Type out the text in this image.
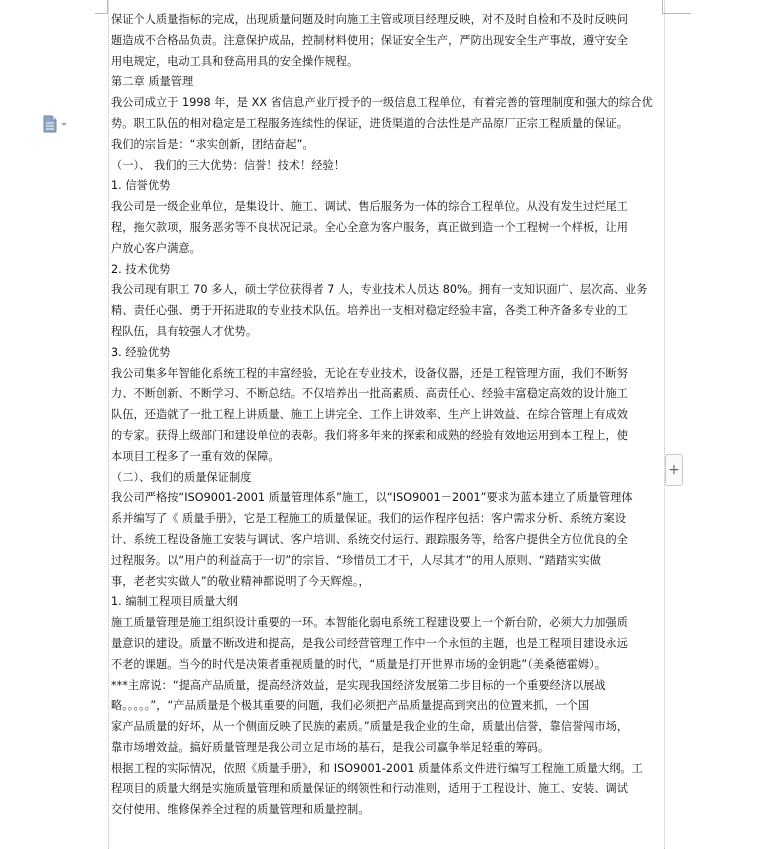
+
保证个人质量指标的完成，出现质量问题及时向施工主管或项目经理反映，对不及时自检和不及时反映问
题造成不合格品负责。注意保护成品，控制材料使用；保证安全生产，严防出现安全生产事故，遵守安全
用电规定，电动工具和登高用具的安全操作规程。
第二章 质量管理
我公司成立于 1998 年，是 XX 省信息产业厅授予的一级信息工程单位，有着完善的管理制度和强大的综合优
势。职工队伍的相对稳定是工程服务连续性的保证，进货渠道的合法性是产品原厂正宗工程质量的保证。
我们的宗旨是：“求实创新，团结奋起”。
（一）、 我们的三大优势：信誉！技术！经验！
1. 信誉优势
我公司是一级企业单位，是集设计、施工、调试、售后服务为一体的综合工程单位。从没有发生过烂尾工
程，拖欠款项，服务恶劣等不良状况记录。全心全意为客户服务，真正做到造一个工程树一个样板，让用
户放心客户满意。
2. 技术优势
我公司现有职工 70 多人，硕士学位获得者 7 人，专业技术人员达 80%。拥有一支知识面广、层次高、业务
精、责任心强、勇于开拓进取的专业技术队伍。培养出一支相对稳定经验丰富，各类工种齐备多专业的工
程队伍，具有较强人才优势。
3. 经验优势
我公司集多年智能化系统工程的丰富经验，无论在专业技术，设备仪器，还是工程管理方面，我们不断努
力、不断创新、不断学习、不断总结。不仅培养出一批高素质、高责任心、经验丰富稳定高效的设计施工
队伍，还造就了一批工程上讲质量、施工上讲完全、工作上讲效率、生产上讲效益、在综合管理上有成效
的专家。获得上级部门和建设单位的表彰。我们将多年来的探索和成熟的经验有效地运用到本工程上，使
本项目工程多了一重有效的保障。
（二）、我们的质量保证制度
我公司严格按“ISO9001-2001 质量管理体系”施工，以“ISO9001－2001”要求为蓝本建立了质量管理体
系并编写了《 质量手册》，它是工程施工的质量保证。我们的运作程序包括：客户需求分析、系统方案设
计、系统工程设备施工安装与调试、客户培训、系统交付运行、跟踪服务等，给客户提供全方位优良的全
过程服务。以“用户的利益高于一切”的宗旨、“珍惜员工才干，人尽其才”的用人原则、“踏踏实实做
事，老老实实做人”的敬业精神都说明了今天辉煌。，
1. 编制工程项目质量大纲
施工质量管理是施工组织设计重要的一环。本智能化弱电系统工程建设要上一个新台阶，必须大力加强质
量意识的建设。质量不断改进和提高，是我公司经营管理工作中一个永恒的主题，也是工程项目建设永远
不老的课题。当今的时代是决策者重视质量的时代，“质量是打开世界市场的金钥匙”（美桑德霍姆）。
***主席说：“提高产品质量，提高经济效益，是实现我国经济发展第二步目标的一个重要经济以展战
略。。。。。”，“产品质量是个极其重要的问题，我们必须把产品质量提高到突出的位置来抓，一个国
家产品质量的好坏，从一个侧面反映了民族的素质。”质量是我企业的生命，质量出信誉，靠信誉闯市场，
靠市场增效益。搞好质量管理是我公司立足市场的基石，是我公司赢争举足轻重的筹码。
根据工程的实际情况，依照《质量手册》，和 ISO9001-2001 质量体系文件进行编写工程施工质量大纲。工
程项目的质量大纲是实施质量管理和质量保证的纲领性和行动准则，适用于工程设计、施工、安装、调试
交付使用、维修保养全过程的质量管理和质量控制。
